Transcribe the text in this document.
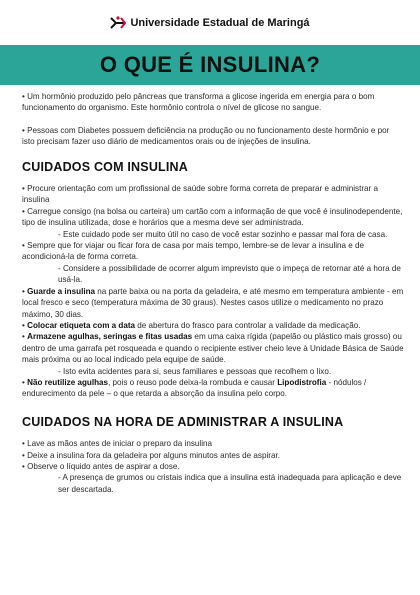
Universidade Estadual de Maringá
O QUE É INSULINA?

• Um hormônio produzido pelo pâncreas que transforma a glicose ingerida em energia para o bom funcionamento do organismo. Este hormônio controla o nível de glicose no sangue.

• Pessoas com Diabetes possuem deficiência na produção ou no funcionamento deste hormônio e por isto precisam fazer uso diário de medicamentos orais ou de injeções de insulina.

CUIDADOS COM INSULINA

• Procure orientação com um profissional de saúde sobre forma correta de preparar e administrar a insulina

• Carregue consigo (na bolsa ou carteira) um cartão com a informação de que você é insulinodependente, tipo de insulina utilizada, dose e horários que a mesma deve ser administrada.

- Este cuidado pode ser muito útil no caso de você estar sozinho e passar mal fora de casa.

• Sempre que for viajar ou ficar fora de casa por mais tempo, lembre-se de levar a insulina e de acondicioná-la de forma correta.

- Considere a possibilidade de ocorrer algum imprevisto que o impeça de retornar até a hora de usá-la.

• Guarde a insulina na parte baixa ou na porta da geladeira, e até mesmo em temperatura ambiente - em local fresco e seco (temperatura máxima de 30 graus). Nestes casos utilize o medicamento no prazo máximo, 30 dias.

• Colocar etiqueta com a data de abertura do frasco para controlar a validade da medicação.

• Armazene agulhas, seringas e fitas usadas em uma caixa rígida (papelão ou plástico mais grosso) ou dentro de uma garrafa pet rosqueada e quando o recipiente estiver cheio leve à Unidade Básica de Saúde mais próxima ou ao local indicado pela equipe de saúde.

- Isto evita acidentes para si, seus familiares e pessoas que recolhem o lixo.

• Não reutilize agulhas, pois o reuso pode deixa-la rombuda e causar Lipodistrofia - nódulos / endurecimento da pele – o que retarda a absorção da insulina pelo corpo.

CUIDADOS NA HORA DE ADMINISTRAR A INSULINA

• Lave as mãos antes de iniciar o preparo da insulina

• Deixe a insulina fora da geladeira por alguns minutos antes de aspirar.

• Observe o líquido antes de aspirar a dose.

- A presença de grumos ou cristais indica que a insulina está inadequada para aplicação e deve ser descartada.
